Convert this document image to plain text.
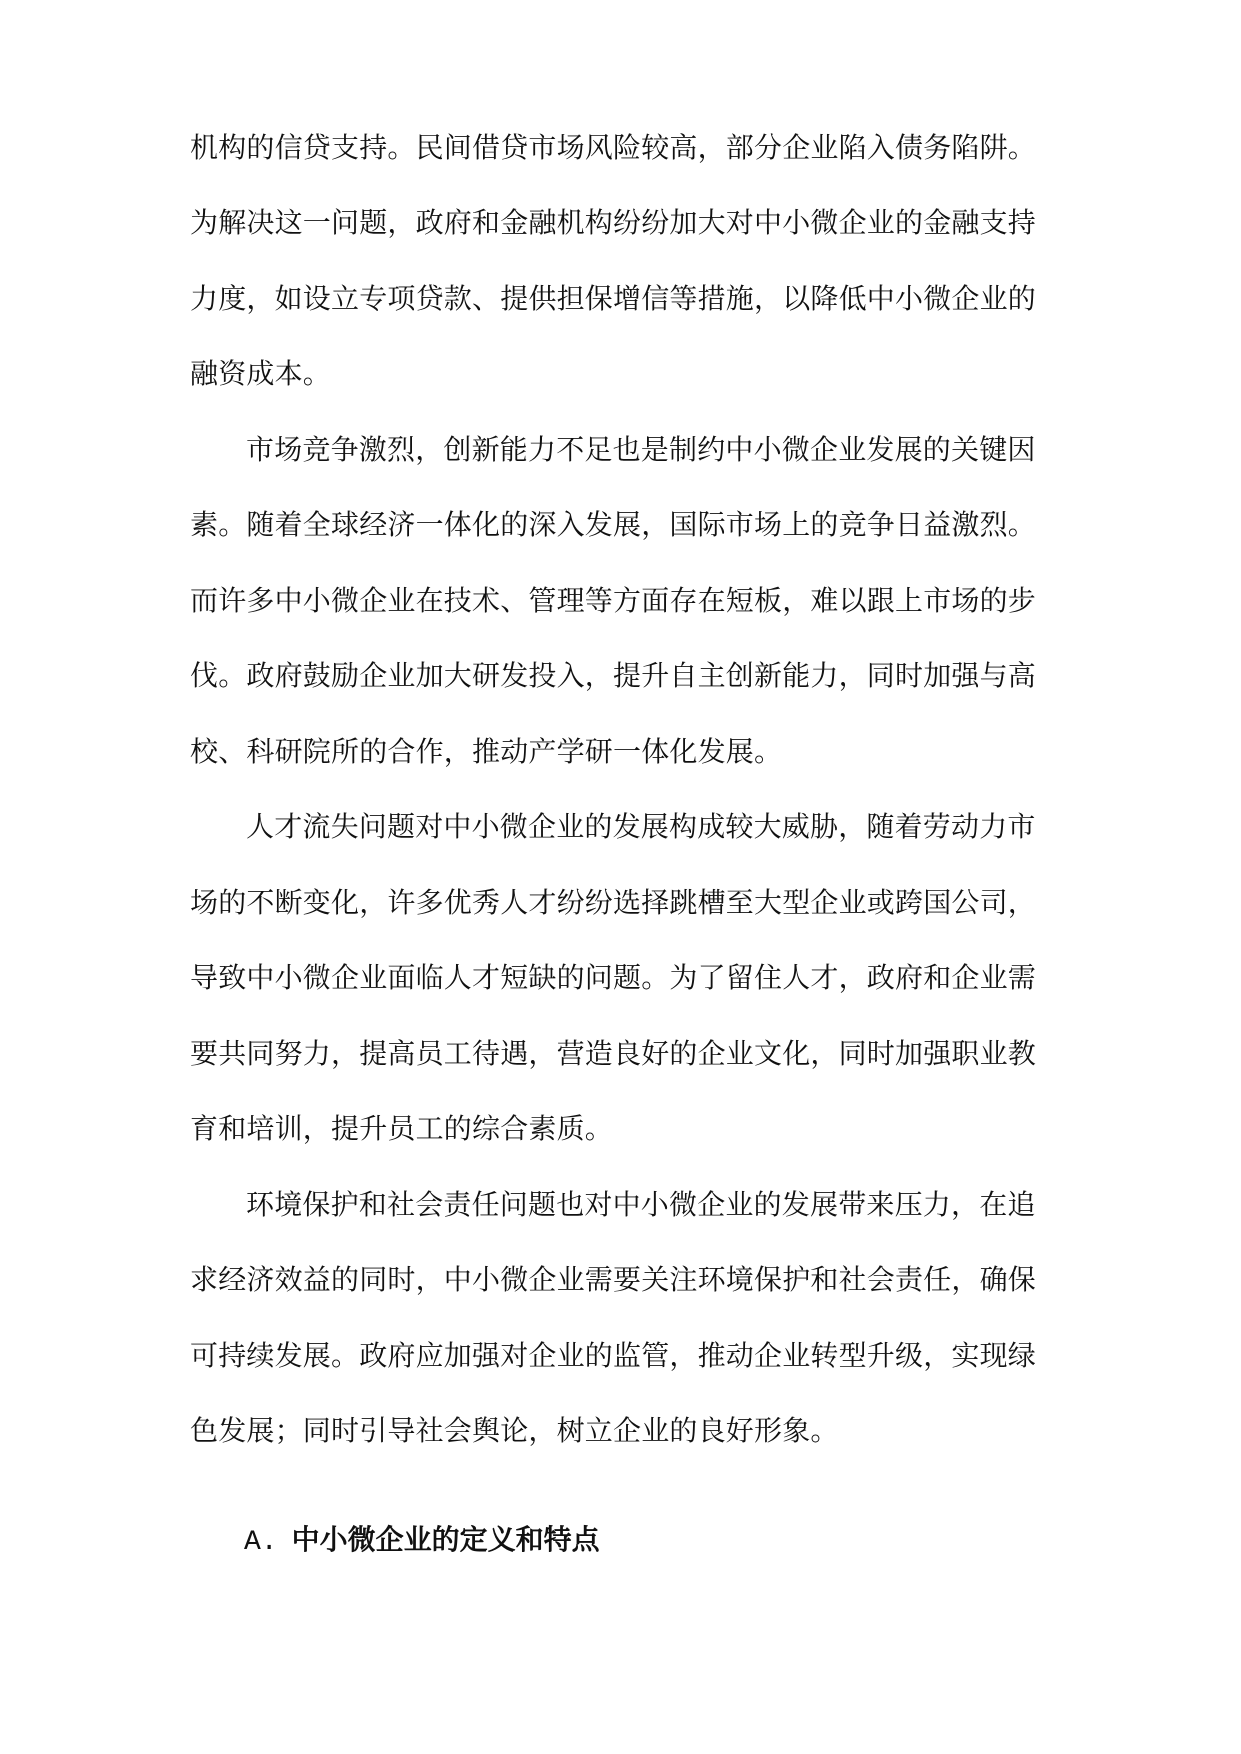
机构的信贷支持。民间借贷市场风险较高，部分企业陷入债务陷阱。
为解决这一问题，政府和金融机构纷纷加大对中小微企业的金融支持
力度，如设立专项贷款、提供担保增信等措施，以降低中小微企业的
融资成本。
市场竞争激烈，创新能力不足也是制约中小微企业发展的关键因
素。随着全球经济一体化的深入发展，国际市场上的竞争日益激烈。
而许多中小微企业在技术、管理等方面存在短板，难以跟上市场的步
伐。政府鼓励企业加大研发投入，提升自主创新能力，同时加强与高
校、科研院所的合作，推动产学研一体化发展。
人才流失问题对中小微企业的发展构成较大威胁，随着劳动力市
场的不断变化，许多优秀人才纷纷选择跳槽至大型企业或跨国公司，
导致中小微企业面临人才短缺的问题。为了留住人才，政府和企业需
要共同努力，提高员工待遇，营造良好的企业文化，同时加强职业教
育和培训，提升员工的综合素质。
环境保护和社会责任问题也对中小微企业的发展带来压力，在追
求经济效益的同时，中小微企业需要关注环境保护和社会责任，确保
可持续发展。政府应加强对企业的监管，推动企业转型升级，实现绿
色发展；同时引导社会舆论，树立企业的良好形象。
A. 中小微企业的定义和特点
